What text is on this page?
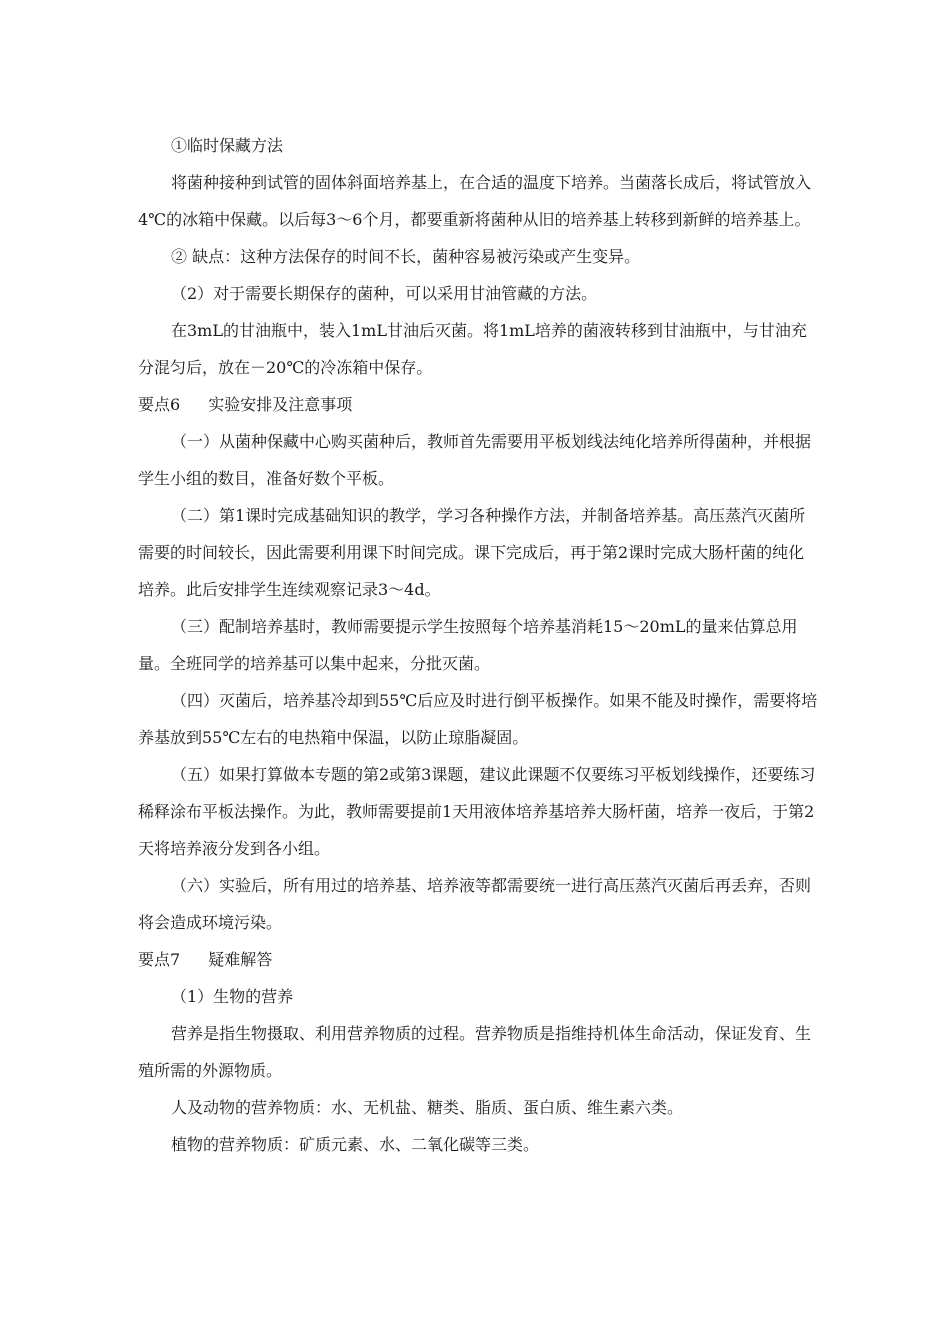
①临时保藏方法

将菌种接种到试管的固体斜面培养基上，在合适的温度下培养。当菌落长成后，将试管放入4℃的冰箱中保藏。以后每3～6个月，都要重新将菌种从旧的培养基上转移到新鲜的培养基上。

② 缺点：这种方法保存的时间不长，菌种容易被污染或产生变异。

（2）对于需要长期保存的菌种，可以采用甘油管藏的方法。

在3mL的甘油瓶中，装入1mL甘油后灭菌。将1mL培养的菌液转移到甘油瓶中，与甘油充分混匀后，放在－20℃的冷冻箱中保存。

要点6 实验安排及注意事项

（一）从菌种保藏中心购买菌种后，教师首先需要用平板划线法纯化培养所得菌种，并根据学生小组的数目，准备好数个平板。

（二）第1课时完成基础知识的教学，学习各种操作方法，并制备培养基。高压蒸汽灭菌所需要的时间较长，因此需要利用课下时间完成。课下完成后，再于第2课时完成大肠杆菌的纯化培养。此后安排学生连续观察记录3～4d。

（三）配制培养基时，教师需要提示学生按照每个培养基消耗15～20mL的量来估算总用量。全班同学的培养基可以集中起来，分批灭菌。

（四）灭菌后，培养基冷却到55℃后应及时进行倒平板操作。如果不能及时操作，需要将培养基放到55℃左右的电热箱中保温，以防止琼脂凝固。

（五）如果打算做本专题的第2或第3课题，建议此课题不仅要练习平板划线操作，还要练习稀释涂布平板法操作。为此，教师需要提前1天用液体培养基培养大肠杆菌，培养一夜后，于第2天将培养液分发到各小组。

（六）实验后，所有用过的培养基、培养液等都需要统一进行高压蒸汽灭菌后再丢弃，否则将会造成环境污染。

要点7 疑难解答

（1）生物的营养

营养是指生物摄取、利用营养物质的过程。营养物质是指维持机体生命活动，保证发育、生殖所需的外源物质。

人及动物的营养物质：水、无机盐、糖类、脂质、蛋白质、维生素六类。

植物的营养物质：矿质元素、水、二氧化碳等三类。
